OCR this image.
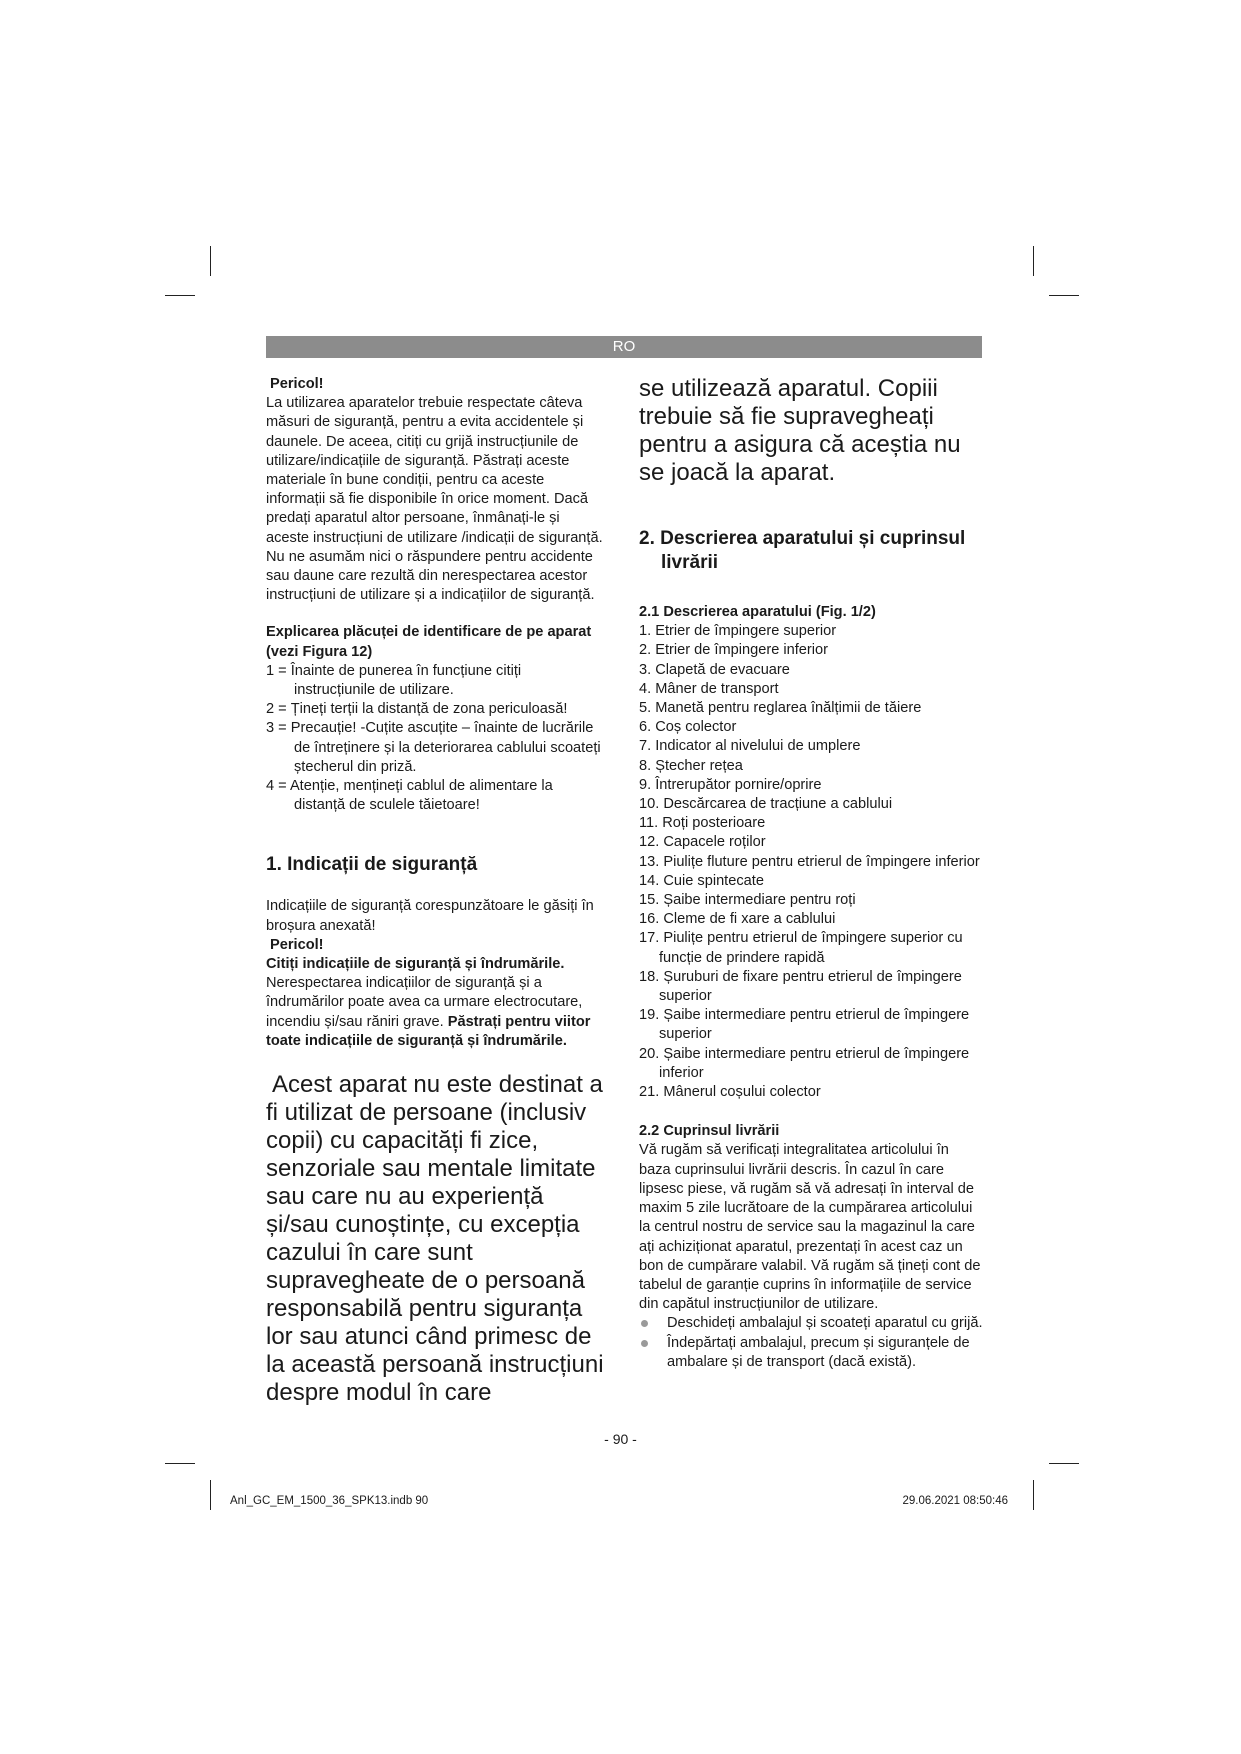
RO

Pericol!

La utilizarea aparatelor trebuie respectate câteva măsuri de siguranță, pentru a evita accidentele și daunele. De aceea, citiți cu grijă instrucțiunile de utilizare/indicațiile de siguranță. Păstrați aceste materiale în bune condiții, pentru ca aceste informații să fie disponibile în orice moment. Dacă predați aparatul altor persoane, înmânați-le și aceste instrucțiuni de utilizare /indicații de siguranță. Nu ne asumăm nici o răspundere pentru accidente sau daune care rezultă din nerespectarea acestor instrucțiuni de utilizare și a indicațiilor de siguranță.

Explicarea plăcuței de identificare de pe aparat (vezi Figura 12)

1 = Înainte de punerea în funcțiune citiți instrucțiunile de utilizare.
2 = Țineți terții la distanță de zona periculoasă!
3 = Precauție! -Cuțite ascuțite – înainte de lucrările de întreținere și la deteriorarea cablului scoateți ștecherul din priză.
4 = Atenție, mențineți cablul de alimentare la distanță de sculele tăietoare!

1. Indicații de siguranță

Indicațiile de siguranță corespunzătoare le găsiți în broșura anexată!

Pericol!

Citiți indicațiile de siguranță și îndrumările. Nerespectarea indicațiilor de siguranță și a îndrumărilor poate avea ca urmare electrocutare, incendiu și/sau răniri grave. Păstrați pentru viitor toate indicațiile de siguranță și îndrumările.

Acest aparat nu este destinat a fi utilizat de persoane (inclusiv copii) cu capacități fi zice, senzoriale sau mentale limitate sau care nu au experiență și/sau cunoștințe, cu excepția cazului în care sunt supravegheate de o persoană responsabilă pentru siguranța lor sau atunci când primesc de la această persoană instrucțiuni despre modul în care

se utilizează aparatul. Copiii trebuie să fie supravegheați pentru a asigura că aceștia nu se joacă la aparat.

2. Descrierea aparatului și cuprinsul livrării

2.1 Descrierea aparatului (Fig. 1/2)

1. Etrier de împingere superior
2. Etrier de împingere inferior
3. Clapetă de evacuare
4. Mâner de transport
5. Manetă pentru reglarea înălțimii de tăiere
6. Coș colector
7. Indicator al nivelului de umplere
8. Ștecher rețea
9. Întrerupător pornire/oprire
10. Descărcarea de tracțiune a cablului
11. Roți posterioare
12. Capacele roților
13. Piulițe fluture pentru etrierul de împingere inferior
14. Cuie spintecate
15. Șaibe intermediare pentru roți
16. Cleme de fi xare a cablului
17. Piulițe pentru etrierul de împingere superior cu funcție de prindere rapidă
18. Șuruburi de fixare pentru etrierul de împingere superior
19. Șaibe intermediare pentru etrierul de împingere superior
20. Șaibe intermediare pentru etrierul de împingere inferior
21. Mânerul coșului colector

2.2 Cuprinsul livrării

Vă rugăm să verificați integralitatea articolului în baza cuprinsului livrării descris. În cazul în care lipsesc piese, vă rugăm să vă adresați în interval de maxim 5 zile lucrătoare de la cumpărarea articolului la centrul nostru de service sau la magazinul la care ați achiziționat aparatul, prezentați în acest caz un bon de cumpărare valabil. Vă rugăm să țineți cont de tabelul de garanție cuprins în informațiile de service din capătul instrucțiunilor de utilizare.

Deschideți ambalajul și scoateți aparatul cu grijă.
Îndepărtați ambalajul, precum și siguranțele de ambalare și de transport (dacă există).
- 90 -
Anl_GC_EM_1500_36_SPK13.indb 90	29.06.2021 08:50:46
